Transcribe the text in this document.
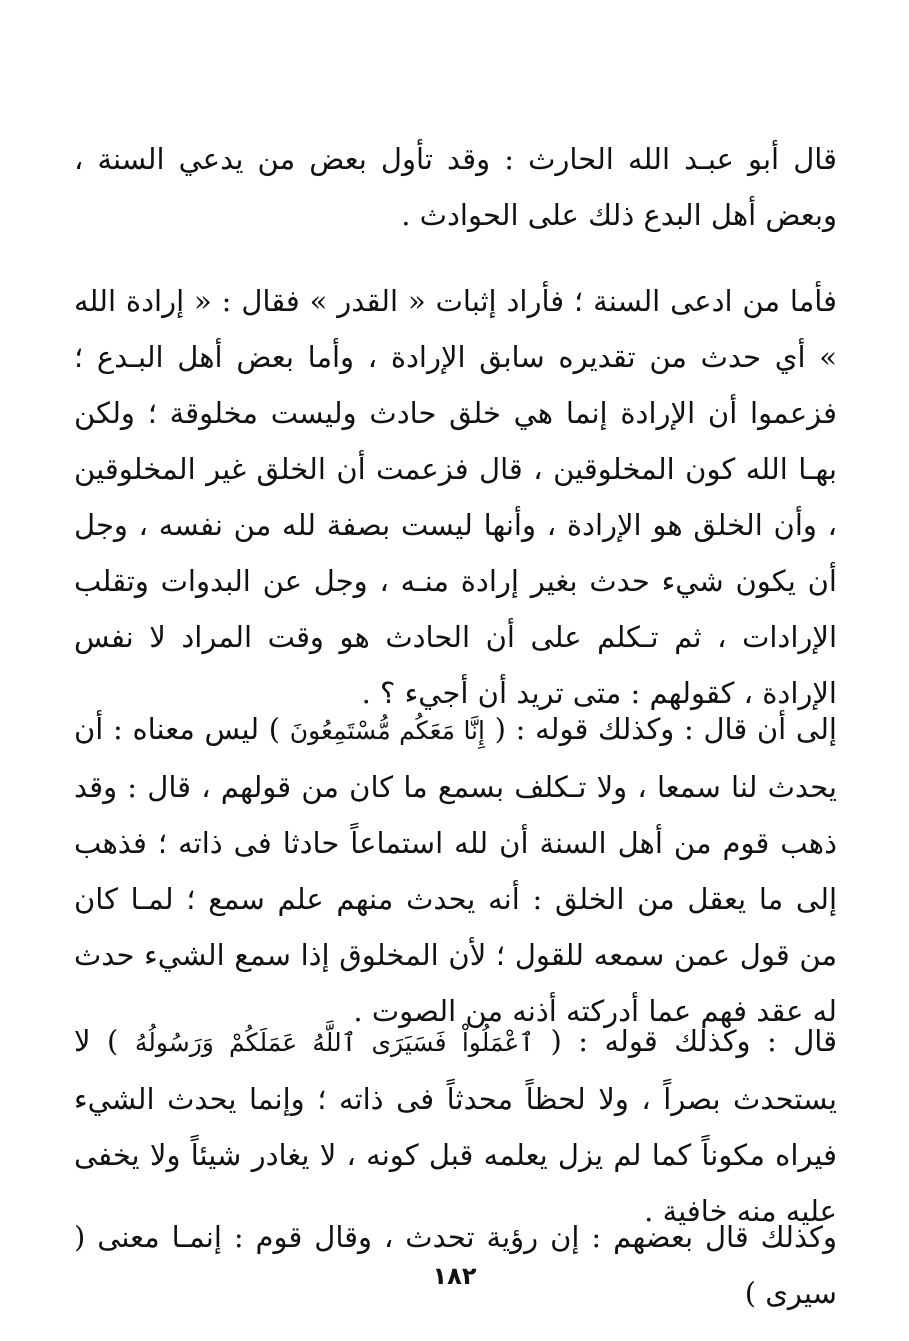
قال أبو عبـد الله الحارث : وقد تأول بعض من يدعي السنة ، وبعض أهل البدع ذلك على الحوادث .

فأما من ادعى السنة ؛ فأراد إثبات « القدر » فقال : « إرادة الله » أي حدث من تقديره سابق الإرادة ، وأما بعض أهل البـدع ؛ فزعموا أن الإرادة إنما هي خلق حادث وليست مخلوقة ؛ ولكن بهـا الله كون المخلوقين ، قال فزعمت أن الخلق غير المخلوقين ، وأن الخلق هو الإرادة ، وأنها ليست بصفة لله من نفسه ، وجل أن يكون شيء حدث بغير إرادة منـه ، وجل عن البدوات وتقلب الإرادات ، ثم تـكلم على أن الحادث هو وقت المراد لا نفس الإرادة ، كقولهم : متى تريد أن أجيء ؟ .

إلى أن قال : وكذلك قوله : ( إِنَّا مَعَكُم مُّسْتَمِعُونَ ) ليس معناه : أن يحدث لنا سمعا ، ولا تـكلف بسمع ما كان من قولهم ، قال : وقد ذهب قوم من أهل السنة أن لله استماعاً حادثا فى ذاته ؛ فذهب إلى ما يعقل من الخلق : أنه يحدث منهم علم سمع ؛ لمـا كان من قول عمن سمعه للقول ؛ لأن المخلوق إذا سمع الشيء حدث له عقد فهم عما أدركته أذنه من الصوت .

قال : وكذلك قوله : ( ٱعْمَلُواْ فَسَيَرَى ٱللَّهُ عَمَلَكُمْ وَرَسُولُهُ ) لا يستحدث بصراً ، ولا لحظاً محدثاً فى ذاته ؛ وإنما يحدث الشيء فيراه مكوناً كما لم يزل يعلمه قبل كونه ، لا يغادر شيئاً ولا يخفى عليه منه خافية .

وكذلك قال بعضهم : إن رؤية تحدث ، وقال قوم : إنمـا معنى ( سيرى )

١٨٢
